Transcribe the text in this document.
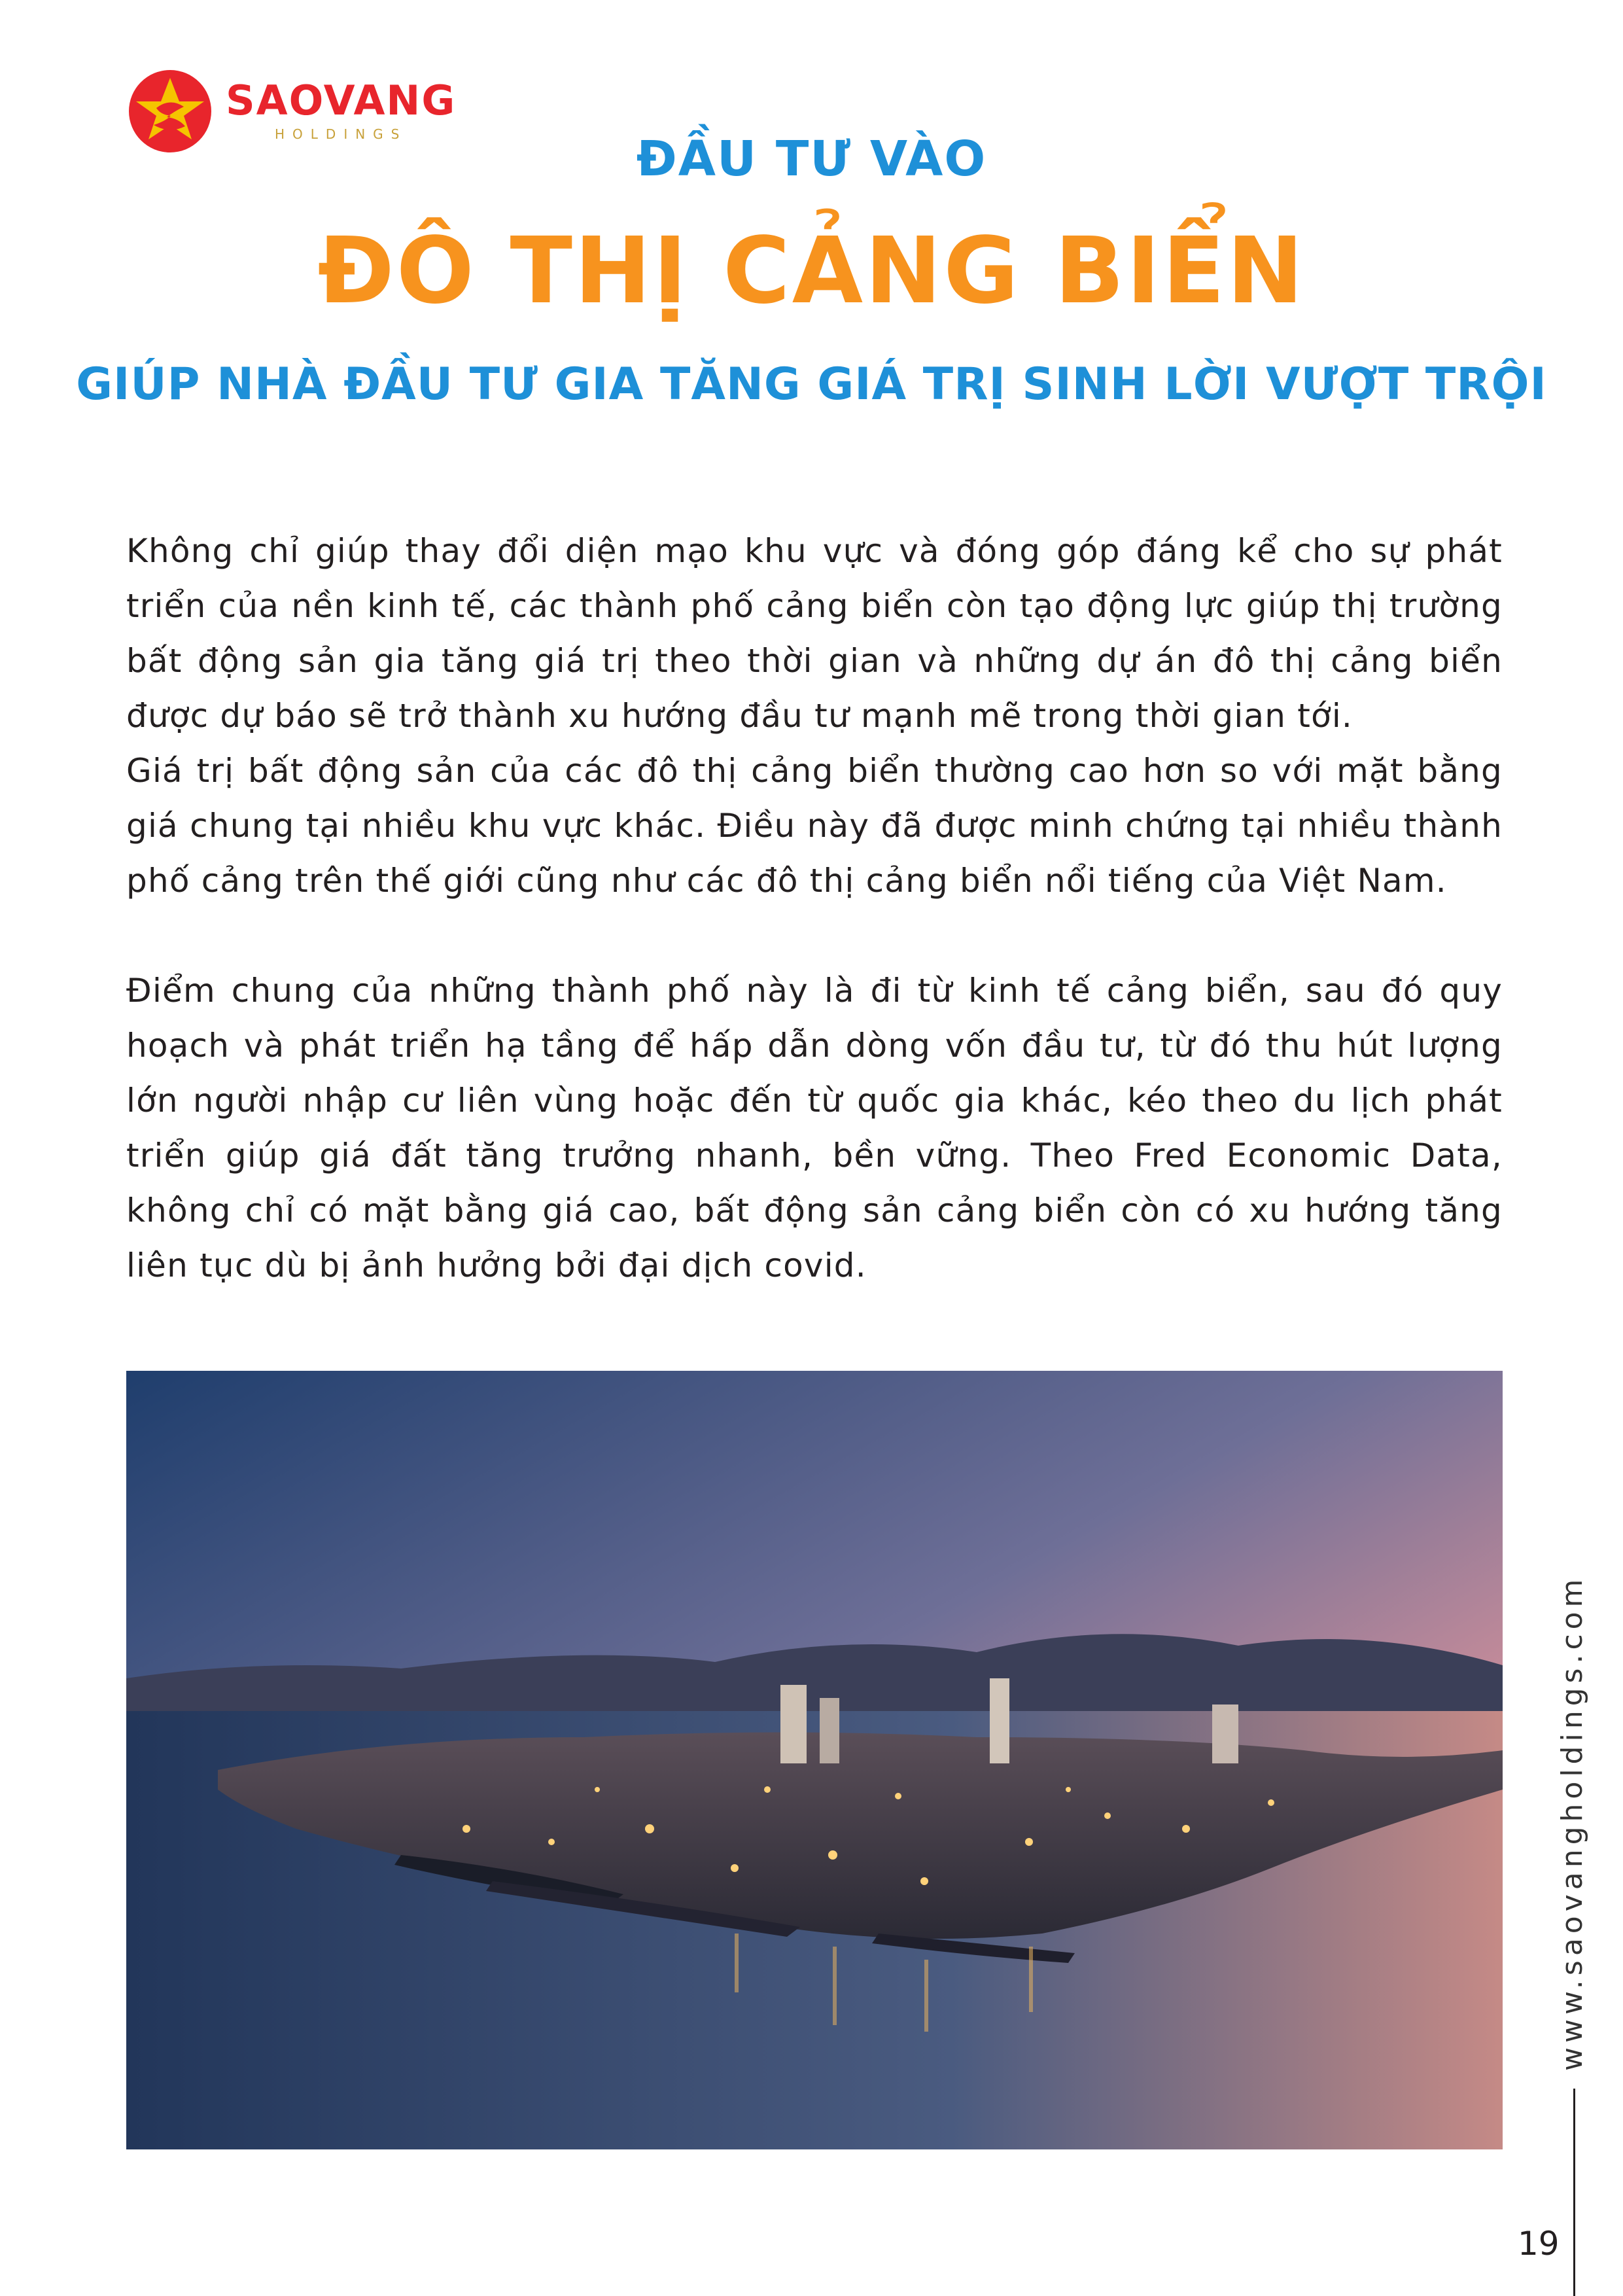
SAOVANG
HOLDINGS	ĐẦU TƯ VÀO
ĐÔ THỊ CẢNG BIỂN
GIÚP NHÀ ĐẦU TƯ GIA TĂNG GIÁ TRỊ SINH LỜI VƯỢT TRỘI

Không chỉ giúp thay đổi diện mạo khu vực và đóng góp đáng kể cho sự phát triển của nền kinh tế, các thành phố cảng biển còn tạo động lực giúp thị trường bất động sản gia tăng giá trị theo thời gian và những dự án đô thị cảng biển được dự báo sẽ trở thành xu hướng đầu tư mạnh mẽ trong thời gian tới.

Giá trị bất động sản của các đô thị cảng biển thường cao hơn so với mặt bằng giá chung tại nhiều khu vực khác. Điều này đã được minh chứng tại nhiều thành phố cảng trên thế giới cũng như các đô thị cảng biển nổi tiếng của Việt Nam.

Điểm chung của những thành phố này là đi từ kinh tế cảng biển, sau đó quy hoạch và phát triển hạ tầng để hấp dẫn dòng vốn đầu tư, từ đó thu hút lượng lớn người nhập cư liên vùng hoặc đến từ quốc gia khác, kéo theo du lịch phát triển giúp giá đất tăng trưởng nhanh, bền vững. Theo Fred Economic Data, không chỉ có mặt bằng giá cao, bất động sản cảng biển còn có xu hướng tăng liên tục dù bị ảnh hưởng bởi đại dịch covid.

www.saovangholdings.com
19
